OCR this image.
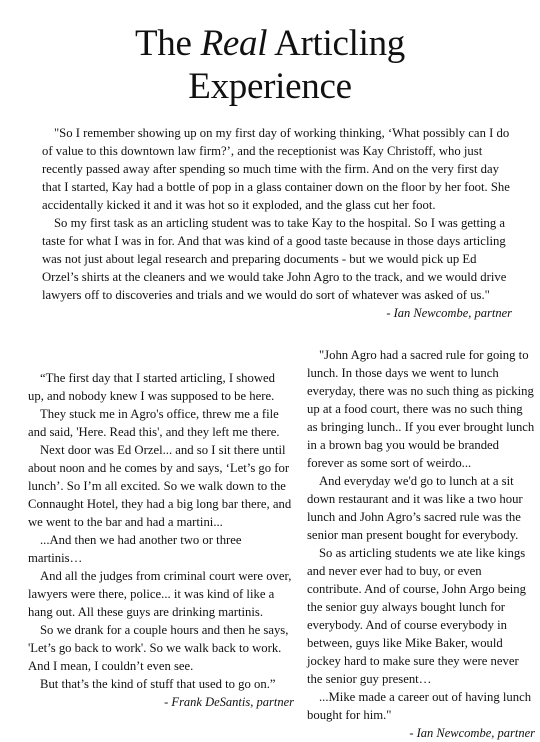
The Real Articling
Experience

"So I remember showing up on my first day of working thinking, ‘What possibly can I do of value to this downtown law firm?’, and the receptionist was Kay Christoff, who just recently passed away after spending so much time with the firm. And on the very first day that I started, Kay had a bottle of pop in a glass container down on the floor by her foot. She accidentally kicked it and it was hot so it exploded, and the glass cut her foot.

So my first task as an articling student was to take Kay to the hospital. So I was getting a taste for what I was in for. And that was kind of a good taste because in those days articling was not just about legal research and preparing documents - but we would pick up Ed Orzel’s shirts at the cleaners and we would take John Agro to the track, and we would drive lawyers off to discoveries and trials and we would do sort of whatever was asked of us."

- Ian Newcombe, partner

“The first day that I started articling, I showed up, and nobody knew I was supposed to be here.

They stuck me in Agro's office, threw me a file and said, 'Here. Read this', and they left me there.

Next door was Ed Orzel... and so I sit there until about noon and he comes by and says, ‘Let’s go for lunch’. So I’m all excited. So we walk down to the Connaught Hotel, they had a big long bar there, and we went to the bar and had a martini...

...And then we had another two or three martinis…

And all the judges from criminal court were over, lawyers were there, police... it was kind of like a hang out. All these guys are drinking martinis.

So we drank for a couple hours and then he says, 'Let’s go back to work'. So we walk back to work. And I mean, I couldn’t even see.

But that’s the kind of stuff that used to go on.”

- Frank DeSantis, partner

"John Agro had a sacred rule for going to lunch. In those days we went to lunch everyday, there was no such thing as picking up at a food court, there was no such thing as bringing lunch.. If you ever brought lunch in a brown bag you would be branded forever as some sort of weirdo...

And everyday we'd go to lunch at a sit down restaurant and it was like a two hour lunch and John Agro’s sacred rule was the senior man present bought for everybody.

So as articling students we ate like kings and never ever had to buy, or even contribute. And of course, John Argo being the senior guy always bought lunch for everybody. And of course everybody in between, guys like Mike Baker, would jockey hard to make sure they were never the senior guy present…

...Mike made a career out of having lunch bought for him."

- Ian Newcombe, partner
